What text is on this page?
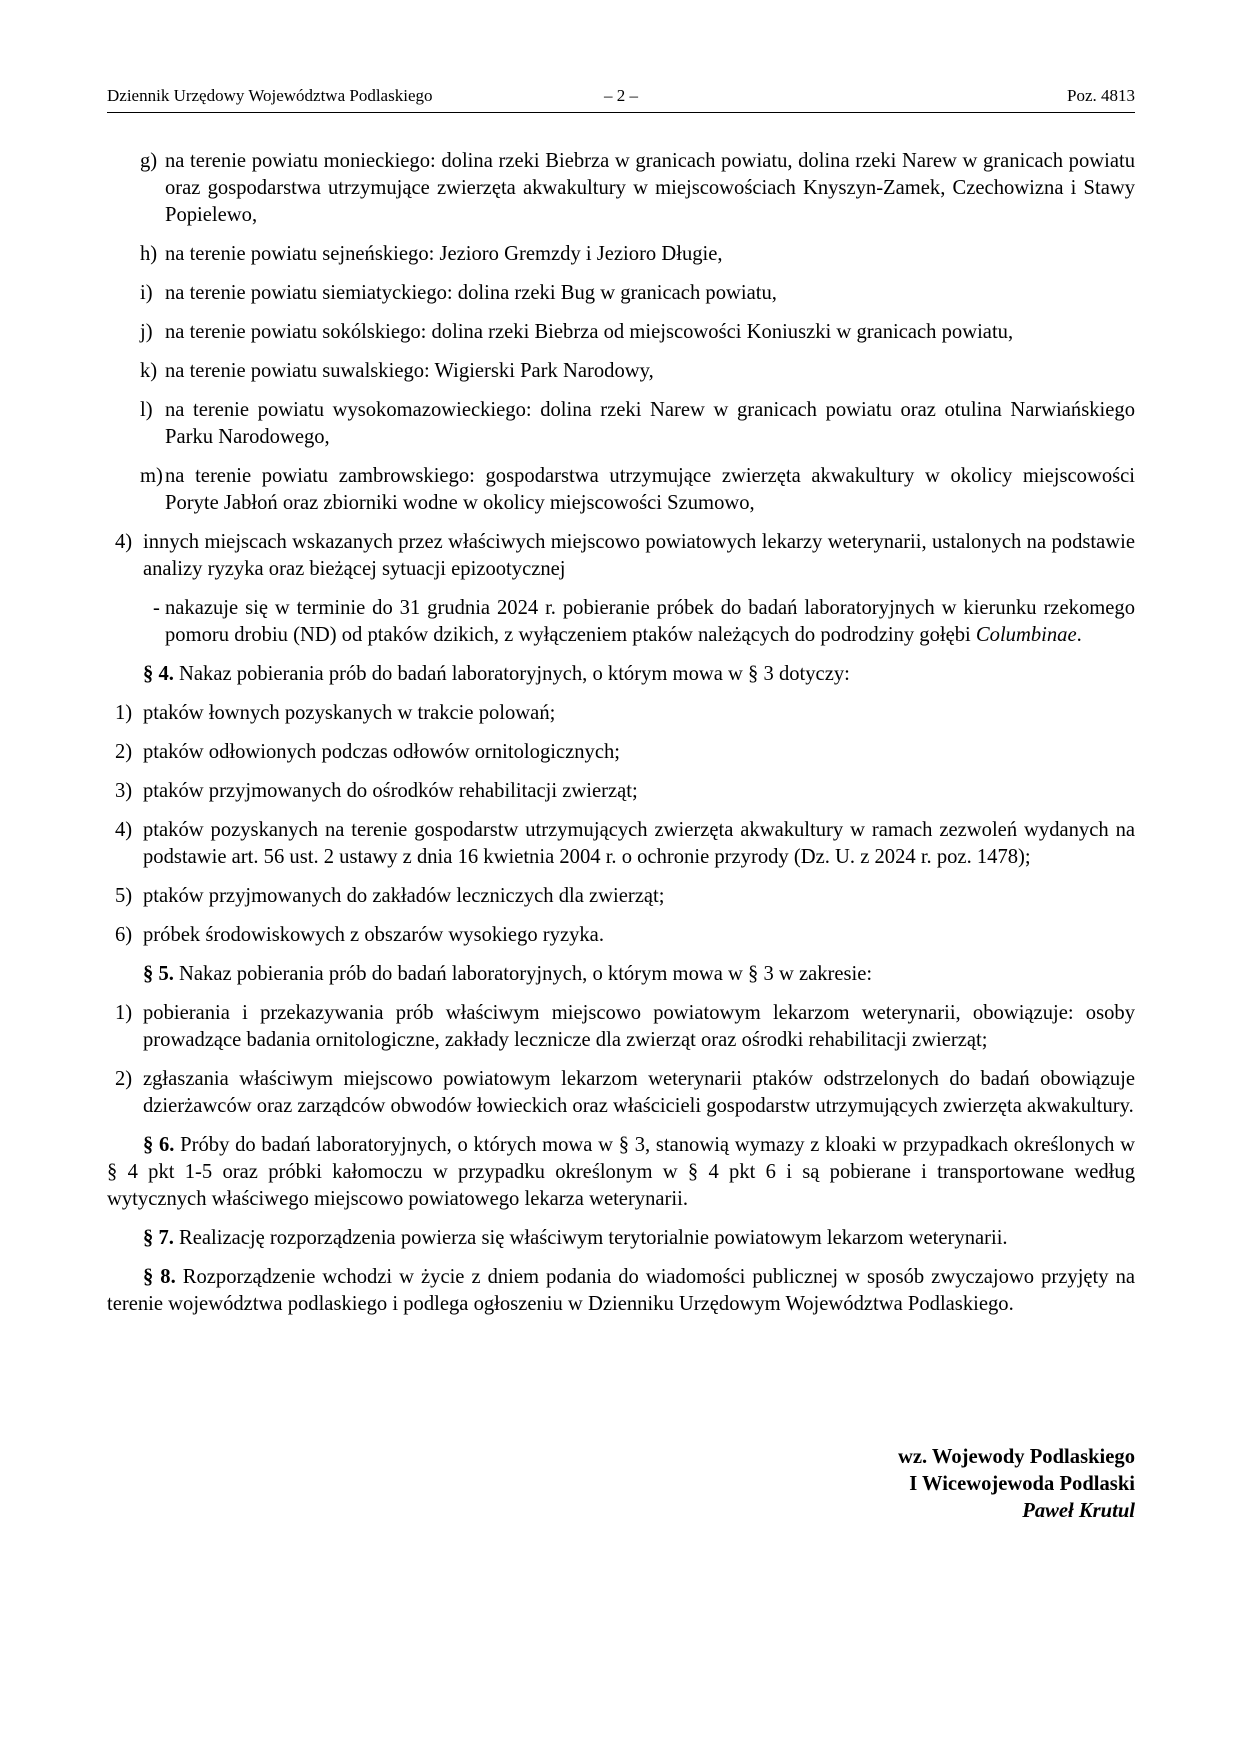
Dziennik Urzędowy Województwa Podlaskiego	– 2 –	Poz. 4813
g) na terenie powiatu monieckiego: dolina rzeki Biebrza w granicach powiatu, dolina rzeki Narew w granicach powiatu oraz gospodarstwa utrzymujące zwierzęta akwakultury w miejscowościach Knyszyn-Zamek, Czechowizna i Stawy Popielewo,
h) na terenie powiatu sejneńskiego: Jezioro Gremzdy i Jezioro Długie,
i) na terenie powiatu siemiatyckiego: dolina rzeki Bug w granicach powiatu,
j) na terenie powiatu sokólskiego: dolina rzeki Biebrza od miejscowości Koniuszki w granicach powiatu,
k) na terenie powiatu suwalskiego: Wigierski Park Narodowy,
l) na terenie powiatu wysokomazowieckiego: dolina rzeki Narew w granicach powiatu oraz otulina Narwiańskiego Parku Narodowego,
m) na terenie powiatu zambrowskiego: gospodarstwa utrzymujące zwierzęta akwakultury w okolicy miejscowości Poryte Jabłoń oraz zbiorniki wodne w okolicy miejscowości Szumowo,
4) innych miejscach wskazanych przez właściwych miejscowo powiatowych lekarzy weterynarii, ustalonych na podstawie analizy ryzyka oraz bieżącej sytuacji epizootycznej
- nakazuje się w terminie do 31 grudnia 2024 r. pobieranie próbek do badań laboratoryjnych w kierunku rzekomego pomoru drobiu (ND) od ptaków dzikich, z wyłączeniem ptaków należących do podrodziny gołębi Columbinae.
§ 4. Nakaz pobierania prób do badań laboratoryjnych, o którym mowa w § 3 dotyczy:
1) ptaków łownych pozyskanych w trakcie polowań;
2) ptaków odłowionych podczas odłowów ornitologicznych;
3) ptaków przyjmowanych do ośrodków rehabilitacji zwierząt;
4) ptaków pozyskanych na terenie gospodarstw utrzymujących zwierzęta akwakultury w ramach zezwoleń wydanych na podstawie art. 56 ust. 2 ustawy z dnia 16 kwietnia 2004 r. o ochronie przyrody (Dz. U. z 2024 r. poz. 1478);
5) ptaków przyjmowanych do zakładów leczniczych dla zwierząt;
6) próbek środowiskowych z obszarów wysokiego ryzyka.
§ 5. Nakaz pobierania prób do badań laboratoryjnych, o którym mowa w § 3 w zakresie:
1) pobierania i przekazywania prób właściwym miejscowo powiatowym lekarzom weterynarii, obowiązuje: osoby prowadzące badania ornitologiczne, zakłady lecznicze dla zwierząt oraz ośrodki rehabilitacji zwierząt;
2) zgłaszania właściwym miejscowo powiatowym lekarzom weterynarii ptaków odstrzelonych do badań obowiązuje dzierżawców oraz zarządców obwodów łowieckich oraz właścicieli gospodarstw utrzymujących zwierzęta akwakultury.
§ 6. Próby do badań laboratoryjnych, o których mowa w § 3, stanowią wymazy z kloaki w przypadkach określonych w § 4 pkt 1-5 oraz próbki kałomoczu w przypadku określonym w § 4 pkt 6 i są pobierane i transportowane według wytycznych właściwego miejscowo powiatowego lekarza weterynarii.
§ 7. Realizację rozporządzenia powierza się właściwym terytorialnie powiatowym lekarzom weterynarii.
§ 8. Rozporządzenie wchodzi w życie z dniem podania do wiadomości publicznej w sposób zwyczajowo przyjęty na terenie województwa podlaskiego i podlega ogłoszeniu w Dzienniku Urzędowym Województwa Podlaskiego.
wz. Wojewody Podlaskiego
I Wicewojewoda Podlaski
Paweł Krutul
